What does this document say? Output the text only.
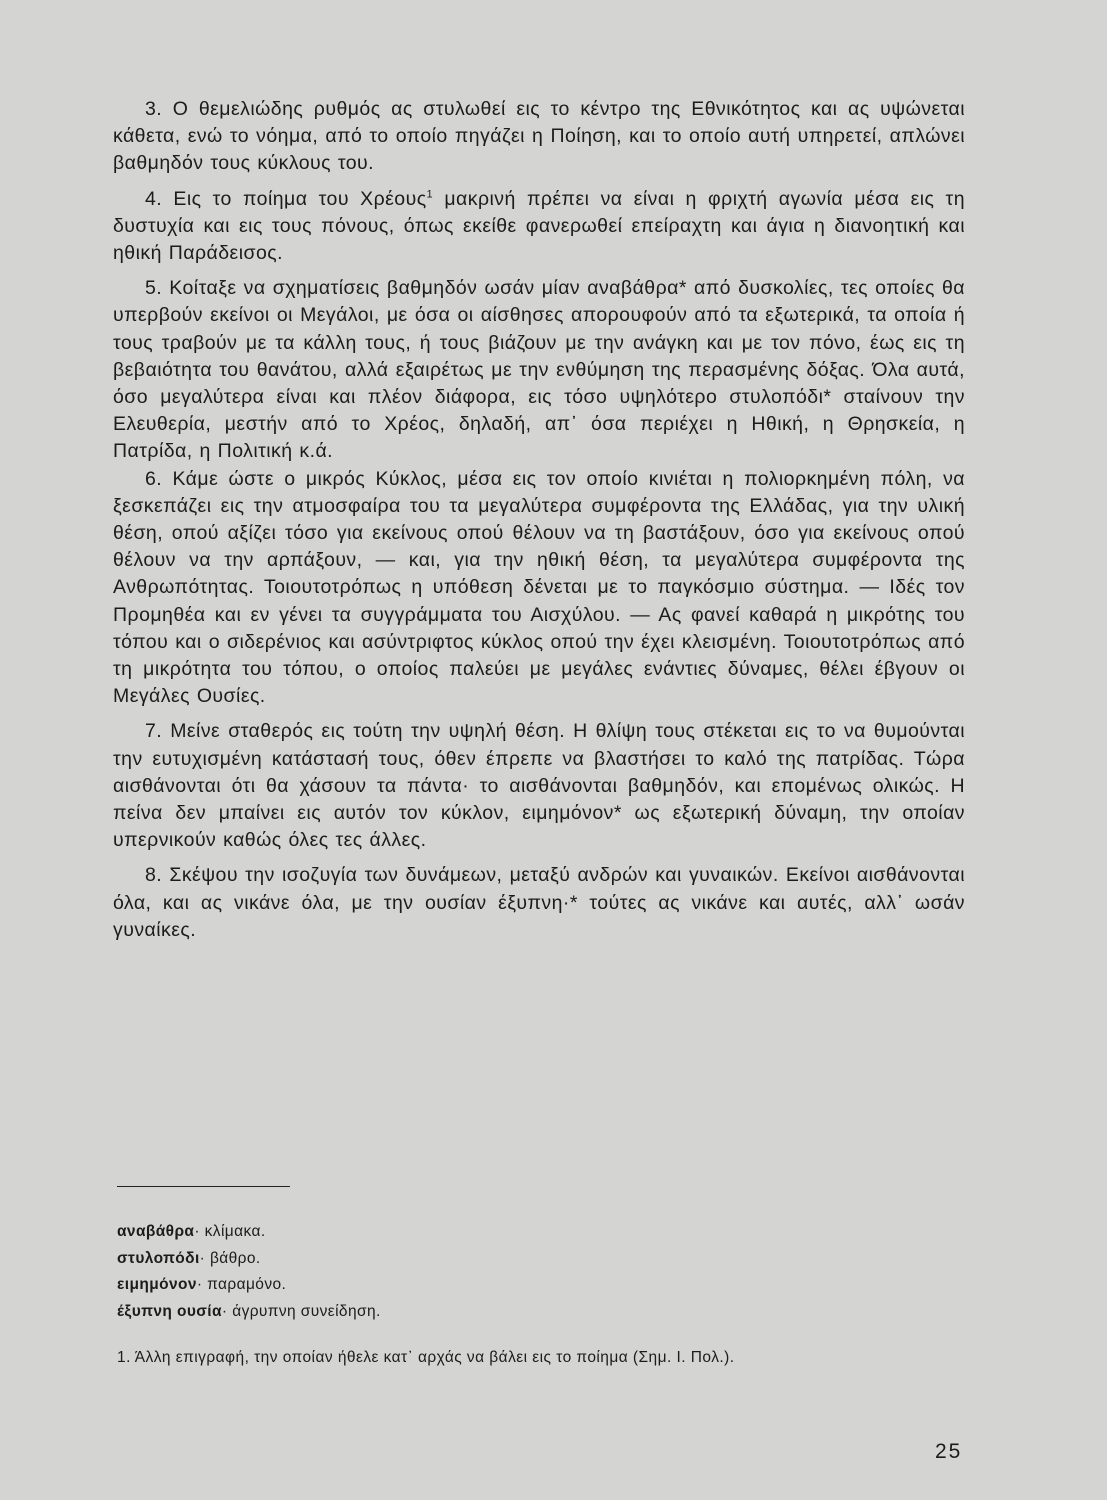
3. Ο θεμελιώδης ρυθμός ας στυλωθεί εις το κέντρο της Εθνικότητος και ας υψώνεται κάθετα, ενώ το νόημα, από το οποίο πηγάζει η Ποίηση, και το οποίο αυτή υπηρετεί, απλώνει βαθμηδόν τους κύκλους του.

4. Εις το ποίημα του Χρέους$^1$ μακρινή πρέπει να είναι η φριχτή αγωνία μέσα εις τη δυστυχία και εις τους πόνους, όπως εκείθε φανερωθεί επείραχτη και άγια η διανοητική και ηθική Παράδεισος.

5. Κοίταξε να σχηματίσεις βαθμηδόν ωσάν μίαν αναβάθρα* από δυσκολίες, τες οποίες θα υπερβούν εκείνοι οι Μεγάλοι, με όσα οι αίσθησες απορουφούν από τα εξωτερικά, τα οποία ή τους τραβούν με τα κάλλη τους, ή τους βιάζουν με την ανάγκη και με τον πόνο, έως εις τη βεβαιότητα του θανάτου, αλλά εξαιρέτως με την ενθύμηση της περασμένης δόξας. Όλα αυτά, όσο μεγαλύτερα είναι και πλέον διάφορα, εις τόσο υψηλότερο στυλοπόδι* σταίνουν την Ελευθερία, μεστήν από το Χρέος, δηλαδή, απ᾽ όσα περιέχει η Ηθική, η Θρησκεία, η Πατρίδα, η Πολιτική κ.ά.

6. Κάμε ώστε ο μικρός Κύκλος, μέσα εις τον οποίο κινιέται η πολιορκημένη πόλη, να ξεσκεπάζει εις την ατμοσφαίρα του τα μεγαλύτερα συμφέροντα της Ελλάδας, για την υλική θέση, οπού αξίζει τόσο για εκείνους οπού θέλουν να τη βαστάξουν, όσο για εκείνους οπού θέλουν να την αρπάξουν, — και, για την ηθική θέση, τα μεγαλύτερα συμφέροντα της Ανθρωπότητας. Τοιουτοτρόπως η υπόθεση δένεται με το παγκόσμιο σύστημα. — Ιδές τον Προμηθέα και εν γένει τα συγγράμματα του Αισχύλου. — Ας φανεί καθαρά η μικρότης του τόπου και ο σιδερένιος και ασύντριφτος κύκλος οπού την έχει κλεισμένη. Τοιουτοτρόπως από τη μικρότητα του τόπου, ο οποίος παλεύει με μεγάλες ενάντιες δύναμες, θέλει έβγουν οι Μεγάλες Ουσίες.

7. Μείνε σταθερός εις τούτη την υψηλή θέση. Η θλίψη τους στέκεται εις το να θυμούνται την ευτυχισμένη κατάστασή τους, όθεν έπρεπε να βλαστήσει το καλό της πατρίδας. Τώρα αισθάνονται ότι θα χάσουν τα πάντα· το αισθάνονται βαθμηδόν, και επομένως ολικώς. Η πείνα δεν μπαίνει εις αυτόν τον κύκλον, ειμημόνον* ως εξωτερική δύναμη, την οποίαν υπερνικούν καθώς όλες τες άλλες.

8. Σκέψου την ισοζυγία των δυνάμεων, μεταξύ ανδρών και γυναικών. Εκείνοι αισθάνονται όλα, και ας νικάνε όλα, με την ουσίαν έξυπνη·* τούτες ας νικάνε και αυτές, αλλ᾽ ωσάν γυναίκες.

αναβάθρα· κλίμακα.
στυλοπόδι· βάθρο.
ειμημόνον· παραμόνο.
έξυπνη ουσία· άγρυπνη συνείδηση.
1. Άλλη επιγραφή, την οποίαν ήθελε κατ᾽ αρχάς να βάλει εις το ποίημα (Σημ. Ι. Πολ.).
25
